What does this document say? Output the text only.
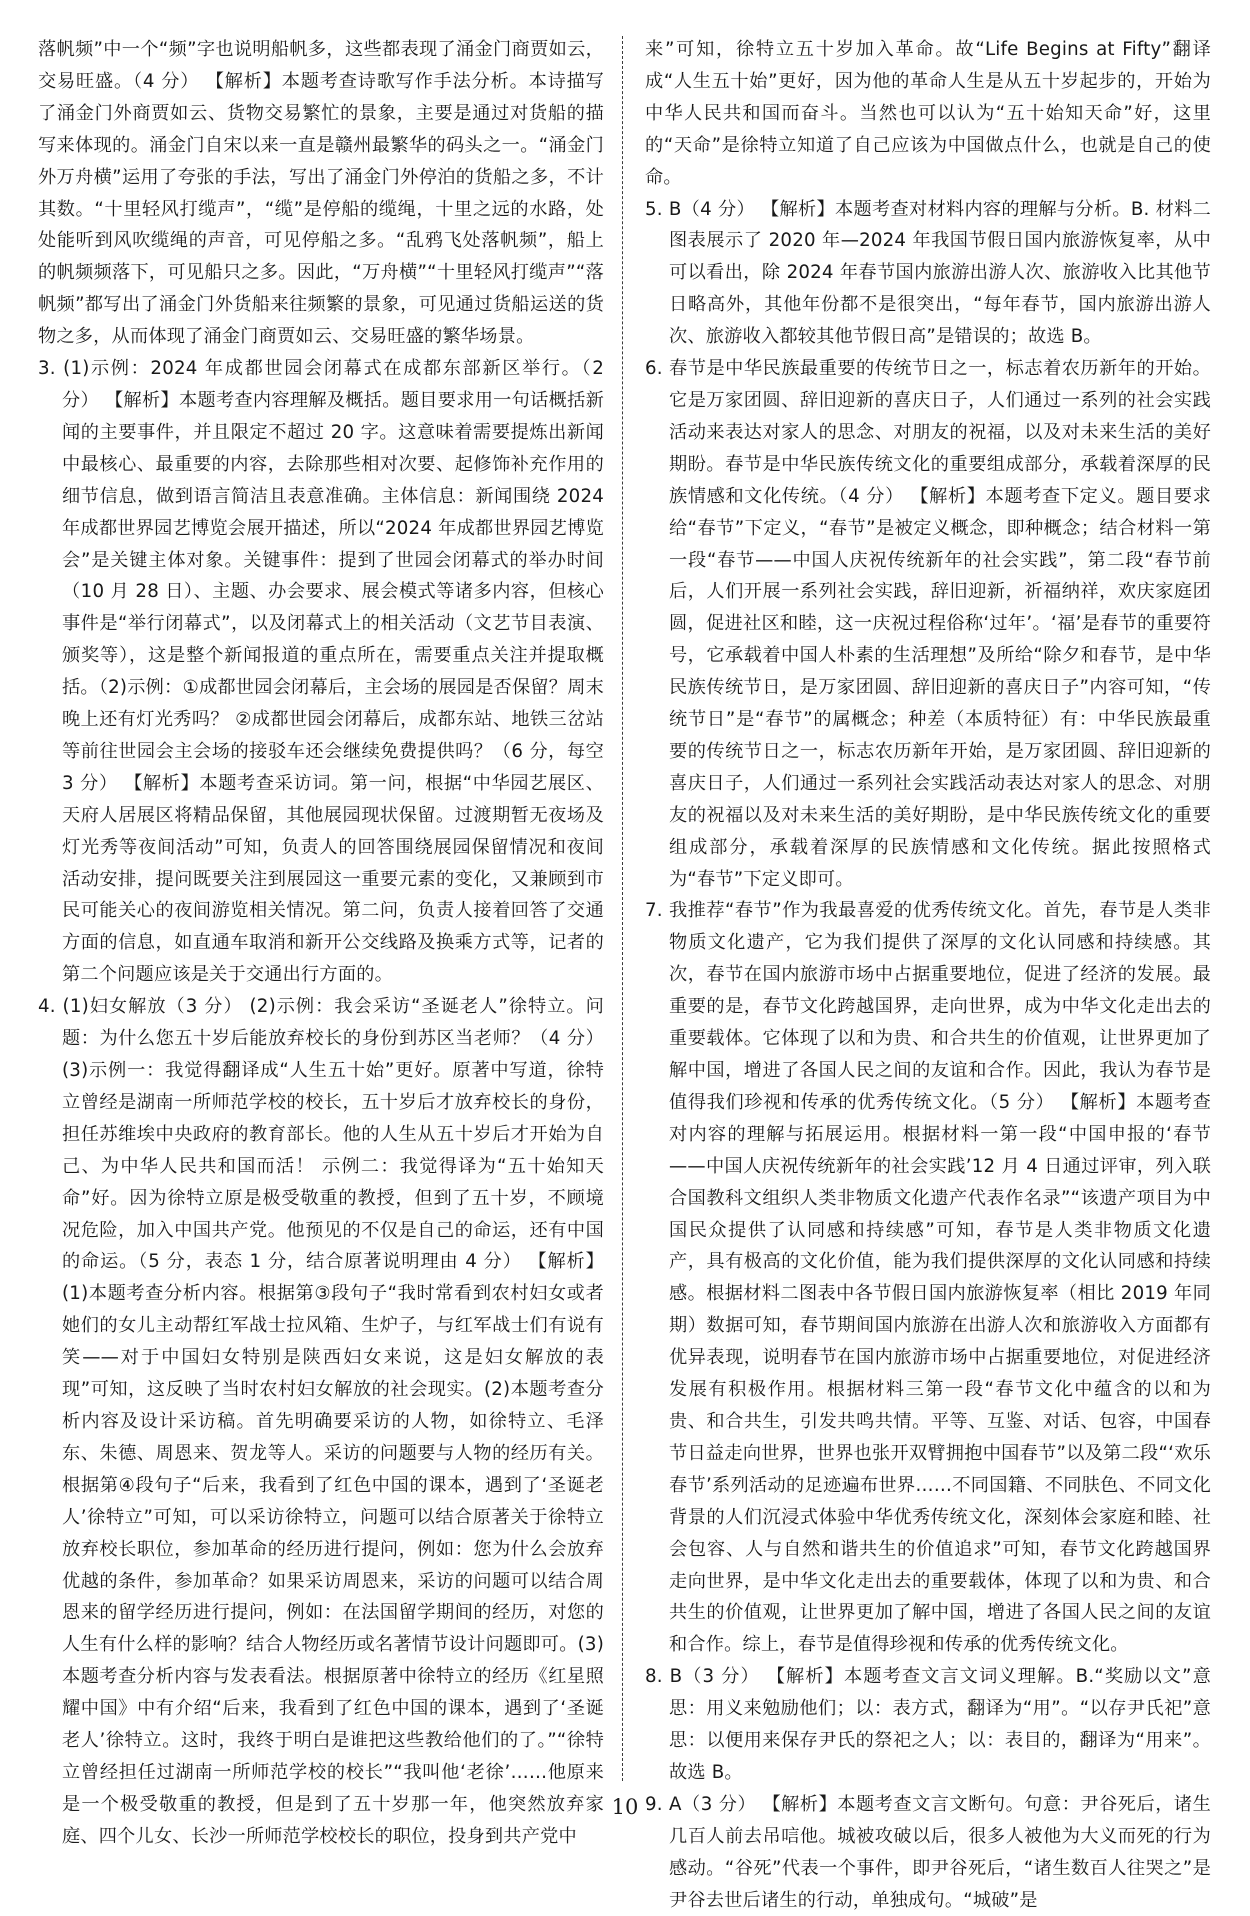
落帆频”中一个“频”字也说明船帆多，这些都表现了涌金门商贾如云，交易旺盛。（4 分） 【解析】本题考查诗歌写作手法分析。本诗描写了涌金门外商贾如云、货物交易繁忙的景象，主要是通过对货船的描写来体现的。涌金门自宋以来一直是赣州最繁华的码头之一。“涌金门外万舟横”运用了夸张的手法，写出了涌金门外停泊的货船之多，不计其数。“十里轻风打缆声”，“缆”是停船的缆绳，十里之远的水路，处处能听到风吹缆绳的声音，可见停船之多。“乱鸦飞处落帆频”，船上的帆频频落下，可见船只之多。因此，“万舟横”“十里轻风打缆声”“落帆频”都写出了涌金门外货船来往频繁的景象，可见通过货船运送的货物之多，从而体现了涌金门商贾如云、交易旺盛的繁华场景。

3. (1)示例：2024 年成都世园会闭幕式在成都东部新区举行。（2 分） 【解析】本题考查内容理解及概括。题目要求用一句话概括新闻的主要事件，并且限定不超过 20 字。这意味着需要提炼出新闻中最核心、最重要的内容，去除那些相对次要、起修饰补充作用的细节信息，做到语言简洁且表意准确。主体信息：新闻围绕 2024 年成都世界园艺博览会展开描述，所以“2024 年成都世界园艺博览会”是关键主体对象。关键事件：提到了世园会闭幕式的举办时间（10 月 28 日）、主题、办会要求、展会模式等诸多内容，但核心事件是“举行闭幕式”，以及闭幕式上的相关活动（文艺节目表演、颁奖等），这是整个新闻报道的重点所在，需要重点关注并提取概括。（2)示例：①成都世园会闭幕后，主会场的展园是否保留？周末晚上还有灯光秀吗？ ②成都世园会闭幕后，成都东站、地铁三岔站等前往世园会主会场的接驳车还会继续免费提供吗？（6 分，每空 3 分） 【解析】本题考查采访词。第一问，根据“中华园艺展区、天府人居展区将精品保留，其他展园现状保留。过渡期暂无夜场及灯光秀等夜间活动”可知，负责人的回答围绕展园保留情况和夜间活动安排，提问既要关注到展园这一重要元素的变化，又兼顾到市民可能关心的夜间游览相关情况。第二问，负责人接着回答了交通方面的信息，如直通车取消和新开公交线路及换乘方式等，记者的第二个问题应该是关于交通出行方面的。

4. (1)妇女解放（3 分） (2)示例：我会采访“圣诞老人”徐特立。问题：为什么您五十岁后能放弃校长的身份到苏区当老师？（4 分） (3)示例一：我觉得翻译成“人生五十始”更好。原著中写道，徐特立曾经是湖南一所师范学校的校长，五十岁后才放弃校长的身份，担任苏维埃中央政府的教育部长。他的人生从五十岁后才开始为自己、为中华人民共和国而活！ 示例二：我觉得译为“五十始知天命”好。因为徐特立原是极受敬重的教授，但到了五十岁，不顾境况危险，加入中国共产党。他预见的不仅是自己的命运，还有中国的命运。（5 分，表态 1 分，结合原著说明理由 4 分） 【解析】(1)本题考查分析内容。根据第③段句子“我时常看到农村妇女或者她们的女儿主动帮红军战士拉风箱、生炉子，与红军战士们有说有笑——对于中国妇女特别是陕西妇女来说，这是妇女解放的表现”可知，这反映了当时农村妇女解放的社会现实。(2)本题考查分析内容及设计采访稿。首先明确要采访的人物，如徐特立、毛泽东、朱德、周恩来、贺龙等人。采访的问题要与人物的经历有关。根据第④段句子“后来，我看到了红色中国的课本，遇到了‘圣诞老人’徐特立”可知，可以采访徐特立，问题可以结合原著关于徐特立放弃校长职位，参加革命的经历进行提问，例如：您为什么会放弃优越的条件，参加革命？如果采访周恩来，采访的问题可以结合周恩来的留学经历进行提问，例如：在法国留学期间的经历，对您的人生有什么样的影响？结合人物经历或名著情节设计问题即可。(3)本题考查分析内容与发表看法。根据原著中徐特立的经历《红星照耀中国》中有介绍“后来，我看到了红色中国的课本，遇到了‘圣诞老人’徐特立。这时，我终于明白是谁把这些教给他们的了。”“徐特立曾经担任过湖南一所师范学校的校长”“我叫他‘老徐’……他原来是一个极受敬重的教授，但是到了五十岁那一年，他突然放弃家庭、四个儿女、长沙一所师范学校校长的职位，投身到共产党中

来”可知，徐特立五十岁加入革命。故“Life Begins at Fifty”翻译成“人生五十始”更好，因为他的革命人生是从五十岁起步的，开始为中华人民共和国而奋斗。当然也可以认为“五十始知天命”好，这里的“天命”是徐特立知道了自己应该为中国做点什么，也就是自己的使命。

5. B（4 分） 【解析】本题考查对材料内容的理解与分析。B. 材料二图表展示了 2020 年—2024 年我国节假日国内旅游恢复率，从中可以看出，除 2024 年春节国内旅游出游人次、旅游收入比其他节日略高外，其他年份都不是很突出，“每年春节，国内旅游出游人次、旅游收入都较其他节假日高”是错误的；故选 B。

6. 春节是中华民族最重要的传统节日之一，标志着农历新年的开始。它是万家团圆、辞旧迎新的喜庆日子，人们通过一系列的社会实践活动来表达对家人的思念、对朋友的祝福，以及对未来生活的美好期盼。春节是中华民族传统文化的重要组成部分，承载着深厚的民族情感和文化传统。（4 分） 【解析】本题考查下定义。题目要求给“春节”下定义，“春节”是被定义概念，即种概念；结合材料一第一段“春节——中国人庆祝传统新年的社会实践”，第二段“春节前后，人们开展一系列社会实践，辞旧迎新，祈福纳祥，欢庆家庭团圆，促进社区和睦，这一庆祝过程俗称‘过年’。‘福’是春节的重要符号，它承载着中国人朴素的生活理想”及所给“除夕和春节，是中华民族传统节日，是万家团圆、辞旧迎新的喜庆日子”内容可知，“传统节日”是“春节”的属概念；种差（本质特征）有：中华民族最重要的传统节日之一，标志农历新年开始，是万家团圆、辞旧迎新的喜庆日子，人们通过一系列社会实践活动表达对家人的思念、对朋友的祝福以及对未来生活的美好期盼，是中华民族传统文化的重要组成部分，承载着深厚的民族情感和文化传统。据此按照格式为“春节”下定义即可。

7. 我推荐“春节”作为我最喜爱的优秀传统文化。首先，春节是人类非物质文化遗产，它为我们提供了深厚的文化认同感和持续感。其次，春节在国内旅游市场中占据重要地位，促进了经济的发展。最重要的是，春节文化跨越国界，走向世界，成为中华文化走出去的重要载体。它体现了以和为贵、和合共生的价值观，让世界更加了解中国，增进了各国人民之间的友谊和合作。因此，我认为春节是值得我们珍视和传承的优秀传统文化。（5 分） 【解析】本题考查对内容的理解与拓展运用。根据材料一第一段“中国申报的‘春节——中国人庆祝传统新年的社会实践’12 月 4 日通过评审，列入联合国教科文组织人类非物质文化遗产代表作名录”“该遗产项目为中国民众提供了认同感和持续感”可知，春节是人类非物质文化遗产，具有极高的文化价值，能为我们提供深厚的文化认同感和持续感。根据材料二图表中各节假日国内旅游恢复率（相比 2019 年同期）数据可知，春节期间国内旅游在出游人次和旅游收入方面都有优异表现，说明春节在国内旅游市场中占据重要地位，对促进经济发展有积极作用。根据材料三第一段“春节文化中蕴含的以和为贵、和合共生，引发共鸣共情。平等、互鉴、对话、包容，中国春节日益走向世界，世界也张开双臂拥抱中国春节”以及第二段“‘欢乐春节’系列活动的足迹遍布世界……不同国籍、不同肤色、不同文化背景的人们沉浸式体验中华优秀传统文化，深刻体会家庭和睦、社会包容、人与自然和谐共生的价值追求”可知，春节文化跨越国界走向世界，是中华文化走出去的重要载体，体现了以和为贵、和合共生的价值观，让世界更加了解中国，增进了各国人民之间的友谊和合作。综上，春节是值得珍视和传承的优秀传统文化。

8. B（3 分） 【解析】本题考查文言文词义理解。B.“奖励以文”意思：用义来勉励他们；以：表方式，翻译为“用”。“以存尹氏祀”意思：以便用来保存尹氏的祭祀之人；以：表目的，翻译为“用来”。故选 B。

9. A（3 分） 【解析】本题考查文言文断句。句意：尹谷死后，诸生几百人前去吊唁他。城被攻破以后，很多人被他为大义而死的行为感动。“谷死”代表一个事件，即尹谷死后，“诸生数百人往哭之”是尹谷去世后诸生的行动，单独成句。“城破”是

10
